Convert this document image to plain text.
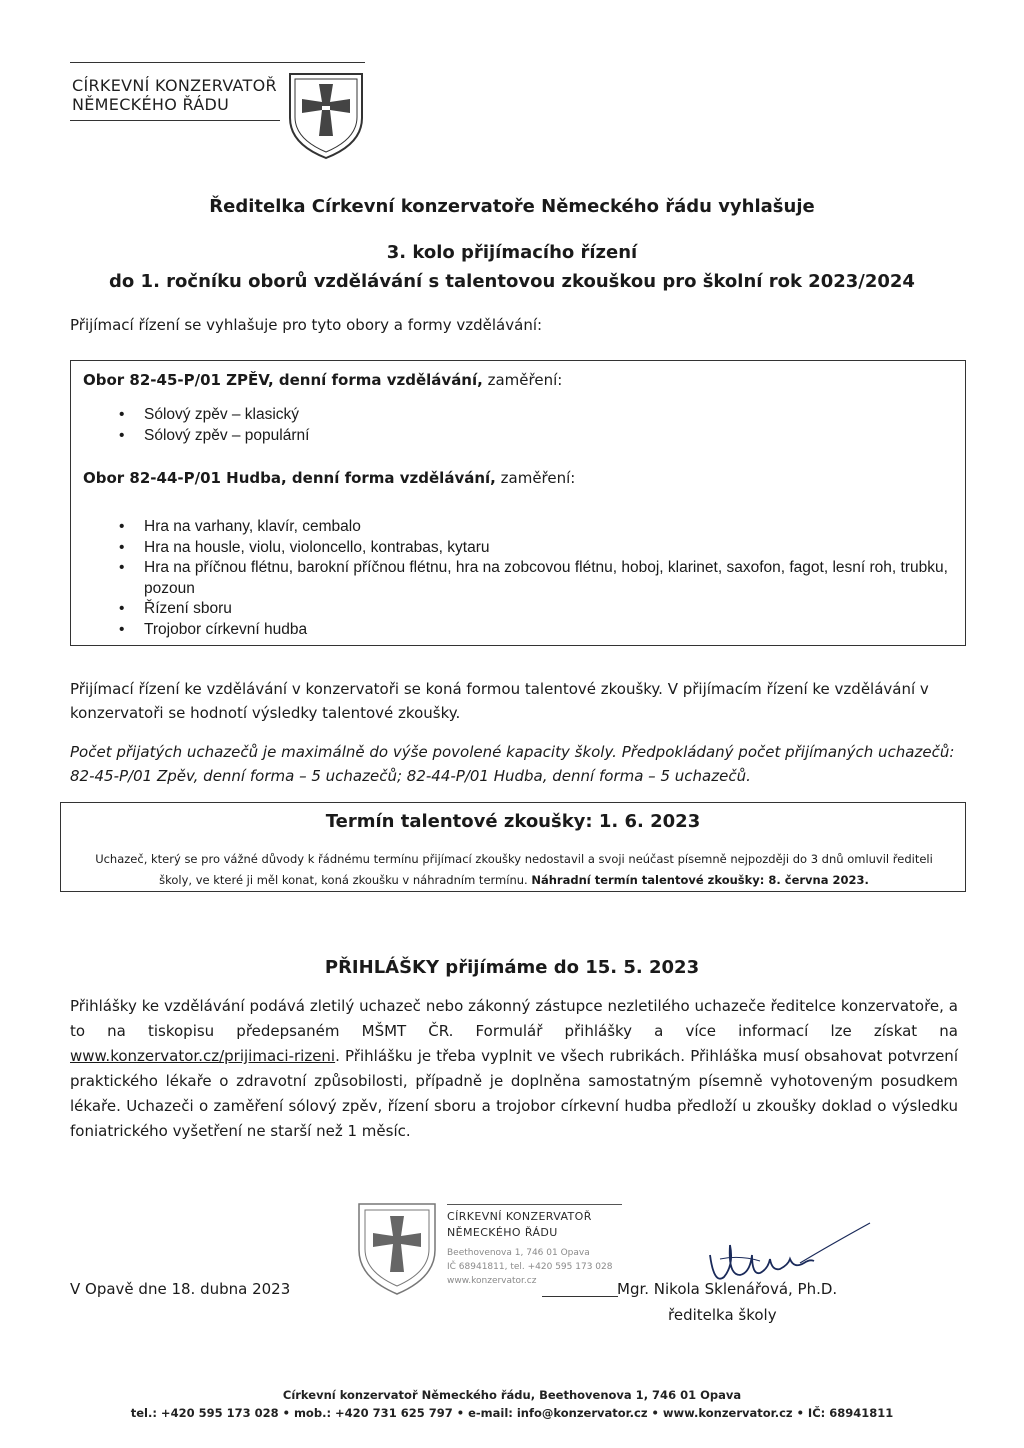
CÍRKEVNÍ KONZERVATOŘ
NĚMECKÉHO ŘÁDU
Ředitelka Církevní konzervatoře Německého řádu vyhlašuje
3. kolo přijímacího řízení
do 1. ročníku oborů vzdělávání s talentovou zkouškou pro školní rok 2023/2024
Přijímací řízení se vyhlašuje pro tyto obory a formy vzdělávání:
Obor 82-45-P/01 ZPĚV, denní forma vzdělávání, zaměření:
• Sólový zpěv – klasický
• Sólový zpěv – populární
Obor 82-44-P/01 Hudba, denní forma vzdělávání, zaměření:
• Hra na varhany, klavír, cembalo
• Hra na housle, violu, violoncello, kontrabas, kytaru
• Hra na příčnou flétnu, barokní příčnou flétnu, hra na zobcovou flétnu, hoboj, klarinet, saxofon, fagot, lesní roh, trubku, pozoun
• Řízení sboru
• Trojobor církevní hudba
Přijímací řízení ke vzdělávání v konzervatoři se koná formou talentové zkoušky. V přijímacím řízení ke vzdělávání v konzervatoři se hodnotí výsledky talentové zkoušky.
Počet přijatých uchazečů je maximálně do výše povolené kapacity školy. Předpokládaný počet přijímaných uchazečů: 82-45-P/01 Zpěv, denní forma – 5 uchazečů; 82-44-P/01 Hudba, denní forma – 5 uchazečů.
Termín talentové zkoušky: 1. 6. 2023
Uchazeč, který se pro vážné důvody k řádnému termínu přijímací zkoušky nedostavil a svoji neúčast písemně nejpozději do 3 dnů omluvil řediteli školy, ve které ji měl konat, koná zkoušku v náhradním termínu. Náhradní termín talentové zkoušky: 8. června 2023.
PŘIHLÁŠKY přijímáme do 15. 5. 2023
Přihlášky ke vzdělávání podává zletilý uchazeč nebo zákonný zástupce nezletilého uchazeče ředitelce konzervatoře, a to na tiskopisu předepsaném MŠMT ČR. Formulář přihlášky a více informací lze získat na www.konzervator.cz/prijimaci-rizeni. Přihlášku je třeba vyplnit ve všech rubrikách. Přihláška musí obsahovat potvrzení praktického lékaře o zdravotní způsobilosti, případně je doplněna samostatným písemně vyhotoveným posudkem lékaře. Uchazeči o zaměření sólový zpěv, řízení sboru a trojobor církevní hudba předloží u zkoušky doklad o výsledku foniatrického vyšetření ne starší než 1 měsíc.
V Opavě dne 18. dubna 2023
CÍRKEVNÍ KONZERVATOŘ
NĚMECKÉHO ŘÁDU
Beethovenova 1, 746 01 Opava
IČ 68941811, tel. +420 595 173 028
www.konzervator.cz	Mgr. Nikola Sklenářová, Ph.D.
ředitelka školy
Církevní konzervatoř Německého řádu, Beethovenova 1, 746 01 Opava
tel.: +420 595 173 028 • mob.: +420 731 625 797 • e-mail: info@konzervator.cz • www.konzervator.cz • IČ: 68941811
